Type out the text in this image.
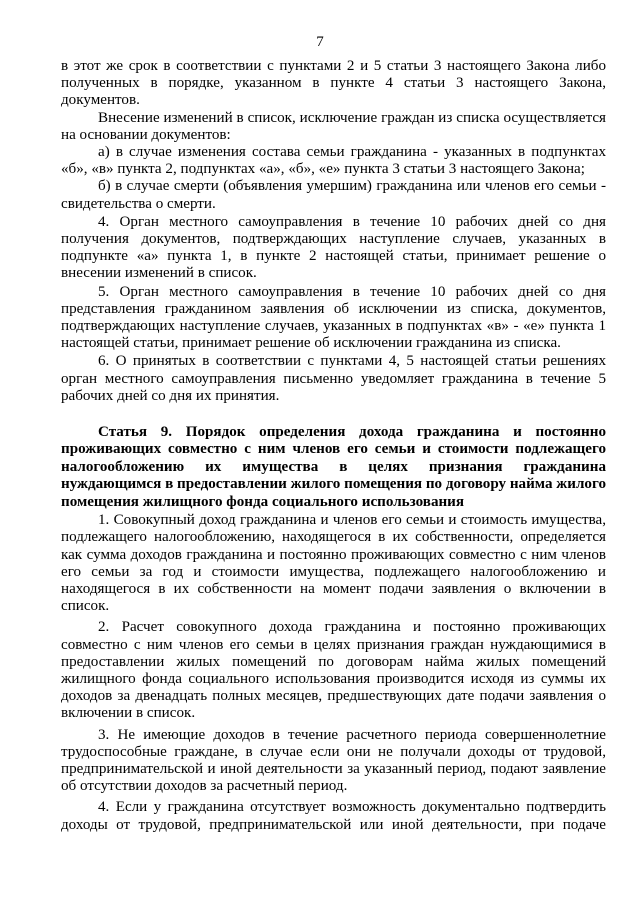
7

в этот же срок в соответствии с пунктами 2 и 5 статьи 3 настоящего Закона либо полученных в порядке, указанном в пункте 4 статьи 3 настоящего Закона, документов.

Внесение изменений в список, исключение граждан из списка осуществляется на основании документов:

а) в случае изменения состава семьи гражданина - указанных в подпунктах «б», «в» пункта 2, подпунктах «а», «б», «е» пункта 3 статьи 3 настоящего Закона;

б) в случае смерти (объявления умершим) гражданина или членов его семьи - свидетельства о смерти.

4. Орган местного самоуправления в течение 10 рабочих дней со дня получения документов, подтверждающих наступление случаев, указанных в подпункте «а» пункта 1, в пункте 2 настоящей статьи, принимает решение о внесении изменений в список.

5. Орган местного самоуправления в течение 10 рабочих дней со дня представления гражданином заявления об исключении из списка, документов, подтверждающих наступление случаев, указанных в подпунктах «в» - «е» пункта 1 настоящей статьи, принимает решение об исключении гражданина из списка.

6. О принятых в соответствии с пунктами 4, 5 настоящей статьи решениях орган местного самоуправления письменно уведомляет гражданина в течение 5 рабочих дней со дня их принятия.

Статья 9. Порядок определения дохода гражданина и постоянно проживающих совместно с ним членов его семьи и стоимости подлежащего налогообложению их имущества в целях признания гражданина нуждающимся в предоставлении жилого помещения по договору найма жилого помещения жилищного фонда социального использования

1. Совокупный доход гражданина и членов его семьи и стоимость имущества, подлежащего налогообложению, находящегося в их собственности, определяется как сумма доходов гражданина и постоянно проживающих совместно с ним членов его семьи за год и стоимости имущества, подлежащего налогообложению и находящегося в их собственности на момент подачи заявления о включении в список.

2. Расчет совокупного дохода гражданина и постоянно проживающих совместно с ним членов его семьи в целях признания граждан нуждающимися в предоставлении жилых помещений по договорам найма жилых помещений жилищного фонда социального использования производится исходя из суммы их доходов за двенадцать полных месяцев, предшествующих дате подачи заявления о включении в список.

3. Не имеющие доходов в течение расчетного периода совершеннолетние трудоспособные граждане, в случае если они не получали доходы от трудовой, предпринимательской и иной деятельности за указанный период, подают заявление об отсутствии доходов за расчетный период.

4. Если у гражданина отсутствует возможность документально подтвердить доходы от трудовой, предпринимательской или иной деятельности, при подаче
